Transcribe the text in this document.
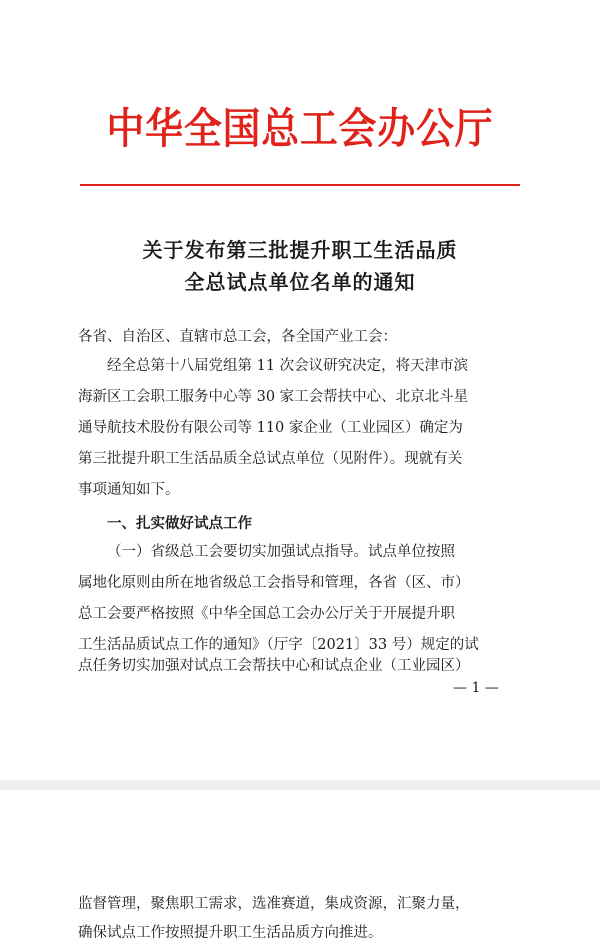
中华全国总工会办公厅
关于发布第三批提升职工生活品质
全总试点单位名单的通知
各省、自治区、直辖市总工会，各全国产业工会：
经全总第十八届党组第 11 次会议研究决定，将天津市滨
海新区工会职工服务中心等 30 家工会帮扶中心、北京北斗星
通导航技术股份有限公司等 110 家企业（工业园区）确定为
第三批提升职工生活品质全总试点单位（见附件）。现就有关
事项通知如下。
一、扎实做好试点工作
（一）省级总工会要切实加强试点指导。试点单位按照
属地化原则由所在地省级总工会指导和管理，各省（区、市）
总工会要严格按照《中华全国总工会办公厅关于开展提升职
工生活品质试点工作的通知》（厅字〔2021〕33 号）规定的试
点任务切实加强对试点工会帮扶中心和试点企业（工业园区）
— 1 —
监督管理，聚焦职工需求，选准赛道，集成资源，汇聚力量，
确保试点工作按照提升职工生活品质方向推进。
